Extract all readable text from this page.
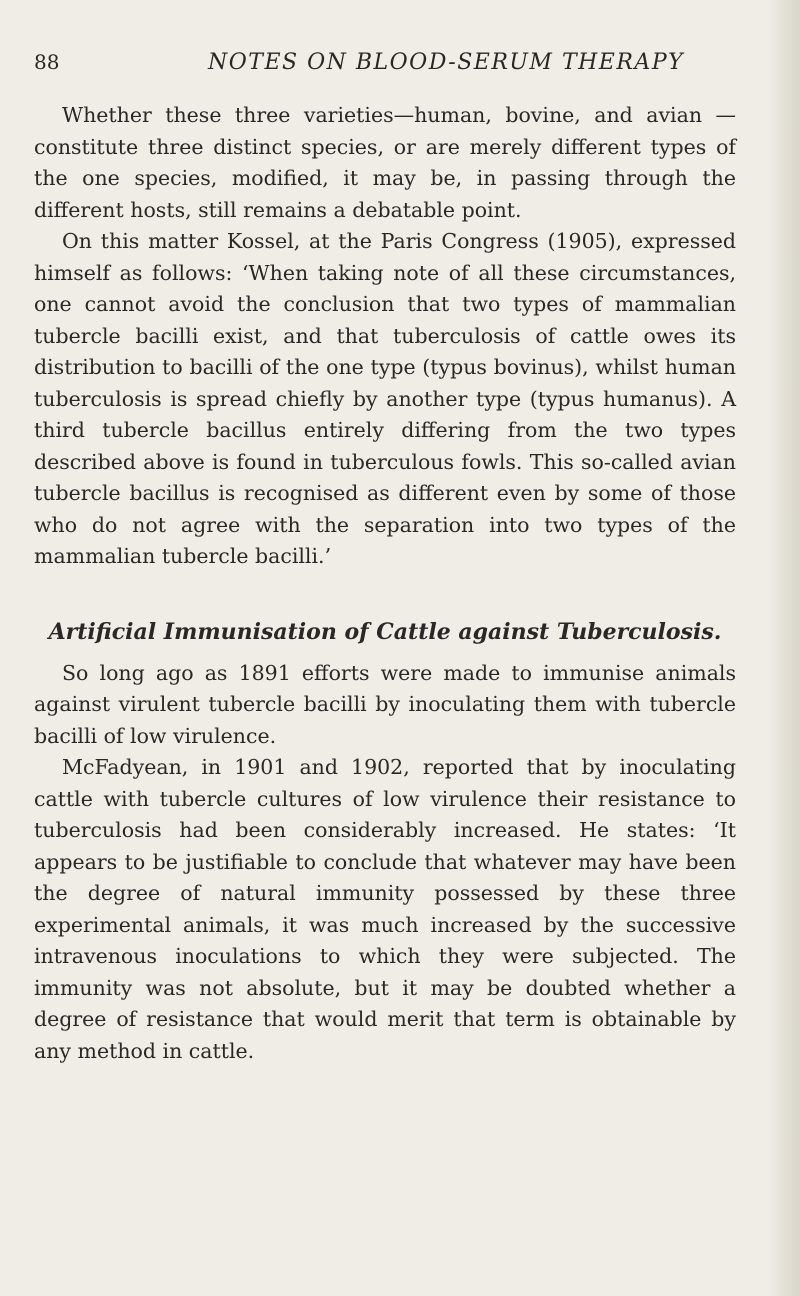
88	NOTES ON BLOOD-SERUM THERAPY

Whether these three varieties—human, bovine, and avian —constitute three distinct species, or are merely different types of the one species, modified, it may be, in passing through the different hosts, still remains a debatable point.

On this matter Kossel, at the Paris Congress (1905), expressed himself as follows: ‘When taking note of all these circumstances, one cannot avoid the conclusion that two types of mammalian tubercle bacilli exist, and that tuberculosis of cattle owes its distribution to bacilli of the one type (typus bovinus), whilst human tuberculosis is spread chiefly by another type (typus humanus). A third tubercle bacillus entirely differing from the two types described above is found in tuberculous fowls. This so-called avian tubercle bacillus is recognised as different even by some of those who do not agree with the separation into two types of the mammalian tubercle bacilli.’

Artificial Immunisation of Cattle against Tuberculosis.

So long ago as 1891 efforts were made to immunise animals against virulent tubercle bacilli by inoculating them with tubercle bacilli of low virulence.

McFadyean, in 1901 and 1902, reported that by inoculating cattle with tubercle cultures of low virulence their resistance to tuberculosis had been considerably increased. He states: ‘It appears to be justifiable to conclude that whatever may have been the degree of natural immunity possessed by these three experimental animals, it was much increased by the successive intravenous inoculations to which they were subjected. The immunity was not absolute, but it may be doubted whether a degree of resistance that would merit that term is obtainable by any method in cattle.
